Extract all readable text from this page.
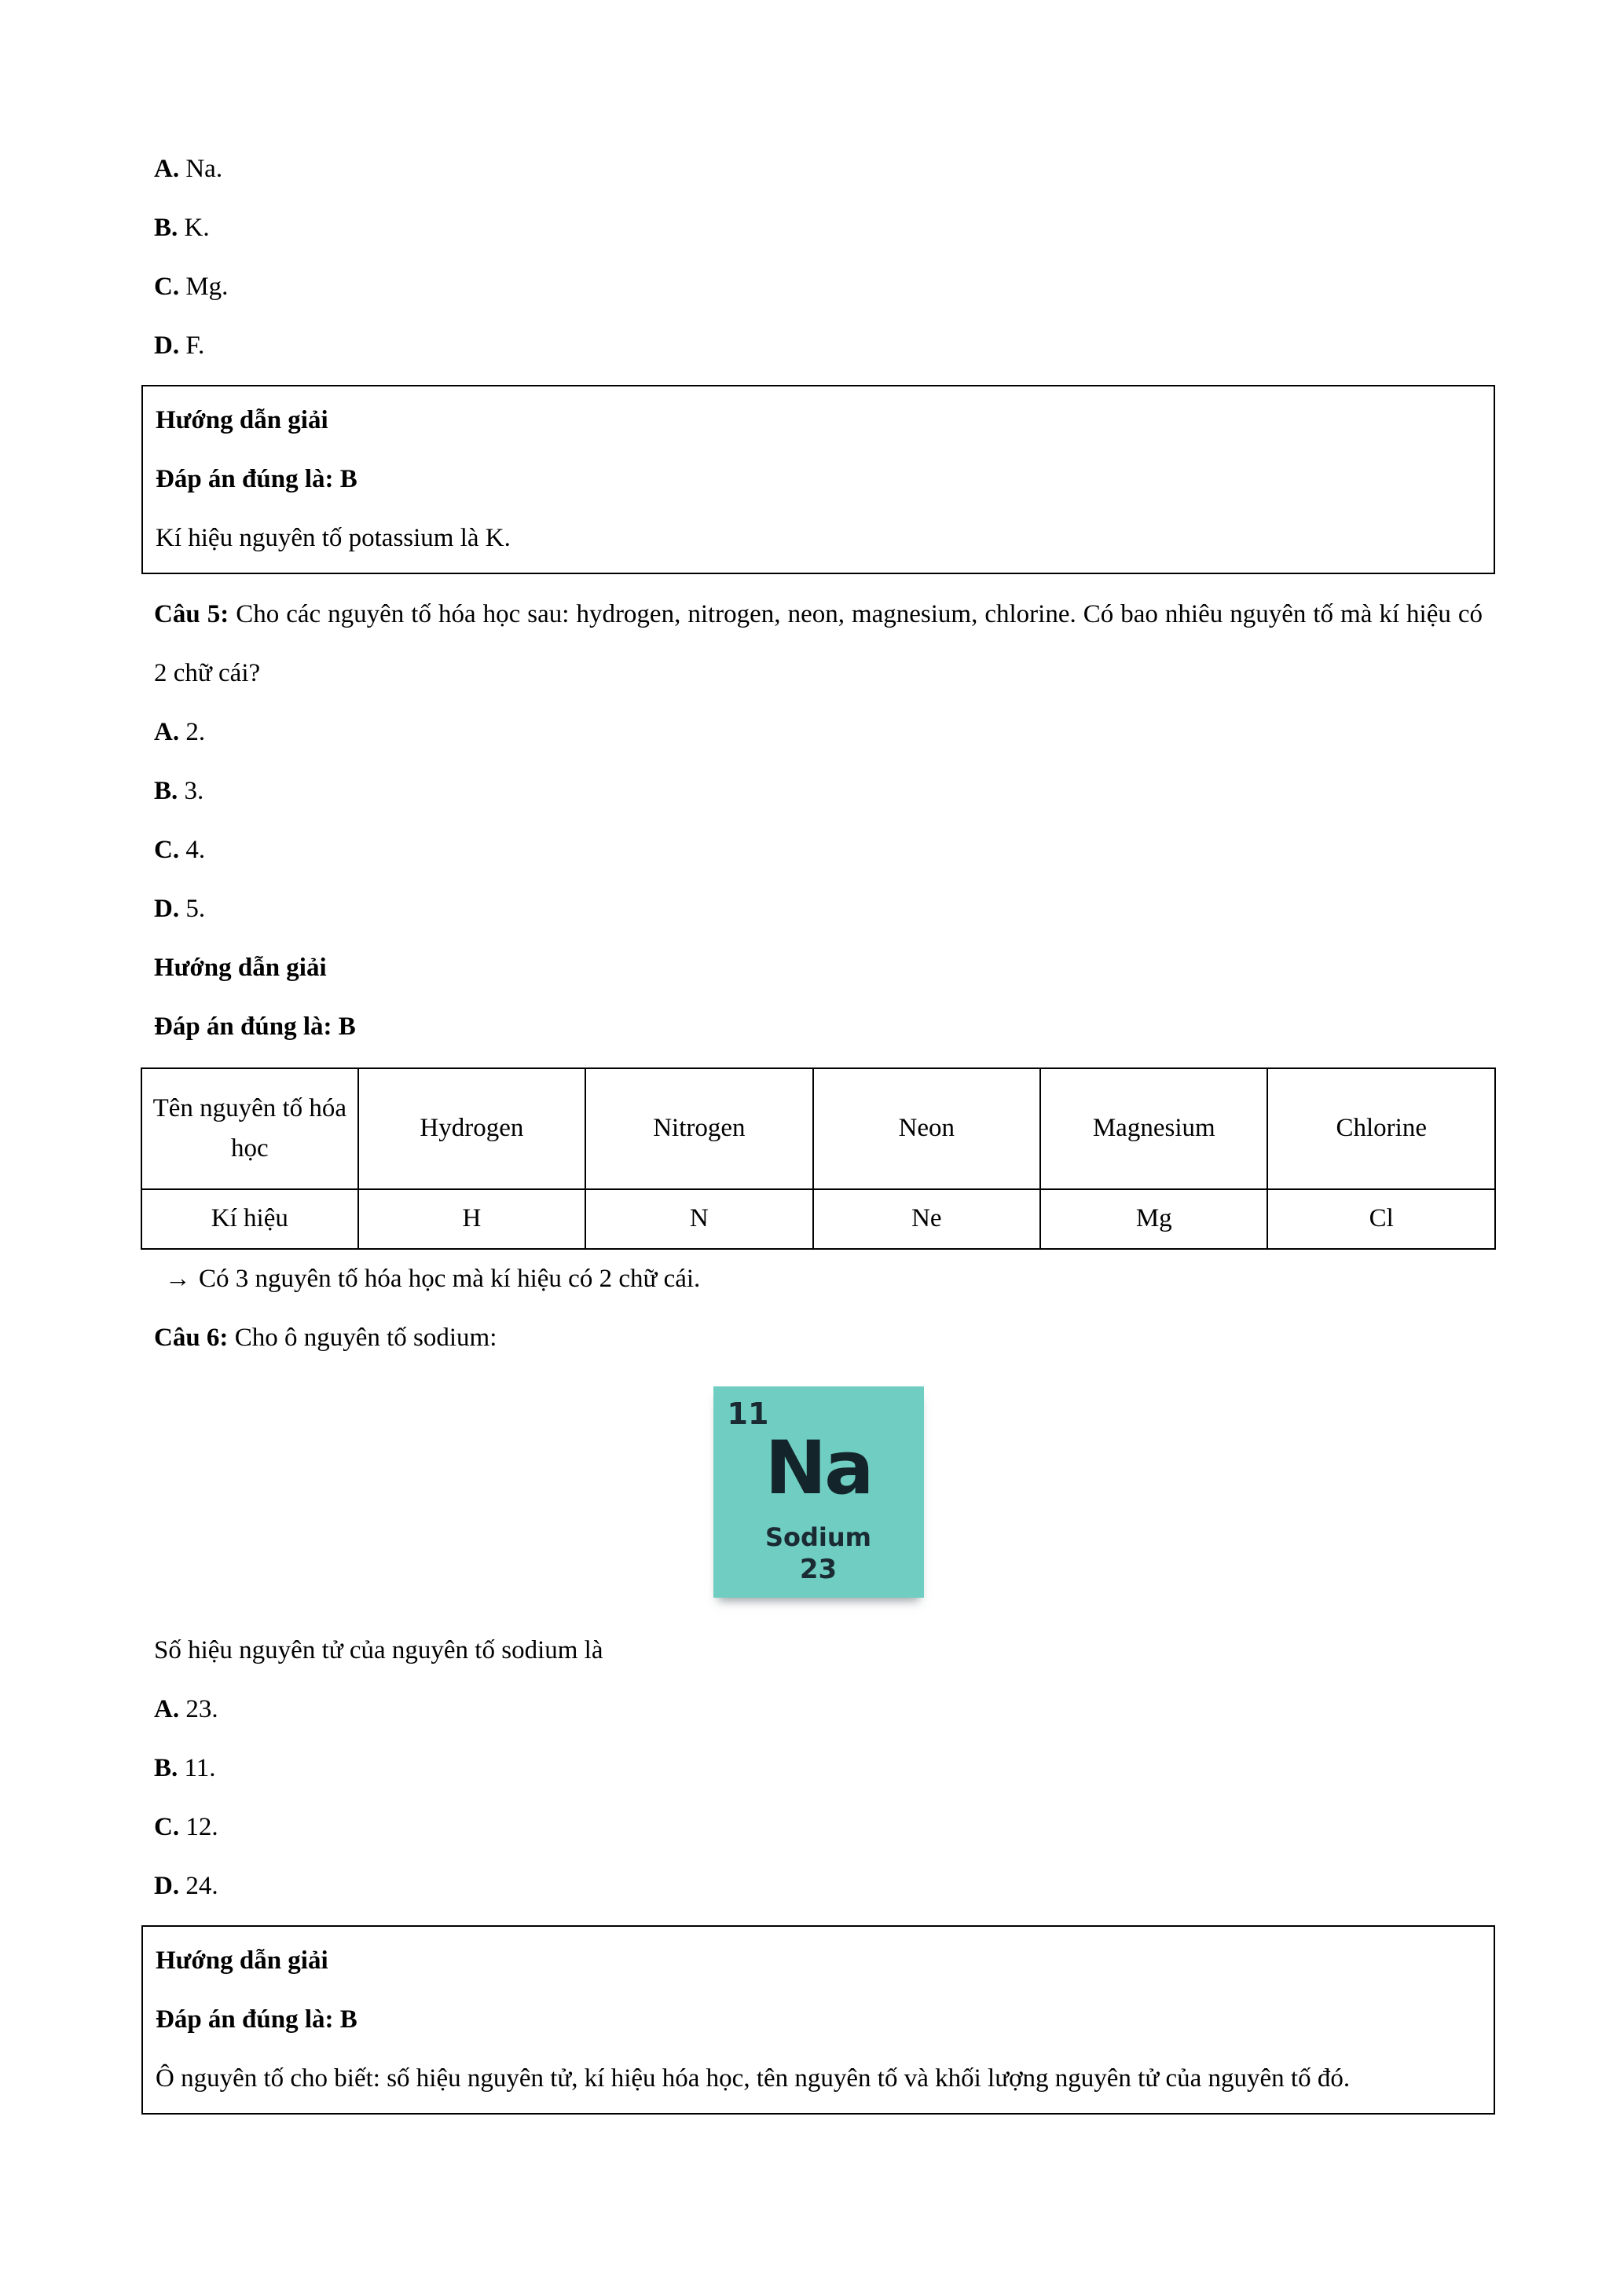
A. Na.

B. K.

C. Mg.

D. F.

Hướng dẫn giải

Đáp án đúng là: B

Kí hiệu nguyên tố potassium là K.

Câu 5: Cho các nguyên tố hóa học sau: hydrogen, nitrogen, neon, magnesium, chlorine. Có bao nhiêu nguyên tố mà kí hiệu có 2 chữ cái?

A. 2.

B. 3.

C. 4.

D. 5.

Hướng dẫn giải

Đáp án đúng là: B

Tên nguyên tố hóa học	Hydrogen	Nitrogen	Neon	Magnesium	Chlorine
Kí hiệu	H	N	Ne	Mg	Cl

→ Có 3 nguyên tố hóa học mà kí hiệu có 2 chữ cái.

Câu 6: Cho ô nguyên tố sodium:

11
Na
Sodium
23

Số hiệu nguyên tử của nguyên tố sodium là

A. 23.

B. 11.

C. 12.

D. 24.

Hướng dẫn giải

Đáp án đúng là: B

Ô nguyên tố cho biết: số hiệu nguyên tử, kí hiệu hóa học, tên nguyên tố và khối lượng nguyên tử của nguyên tố đó.
